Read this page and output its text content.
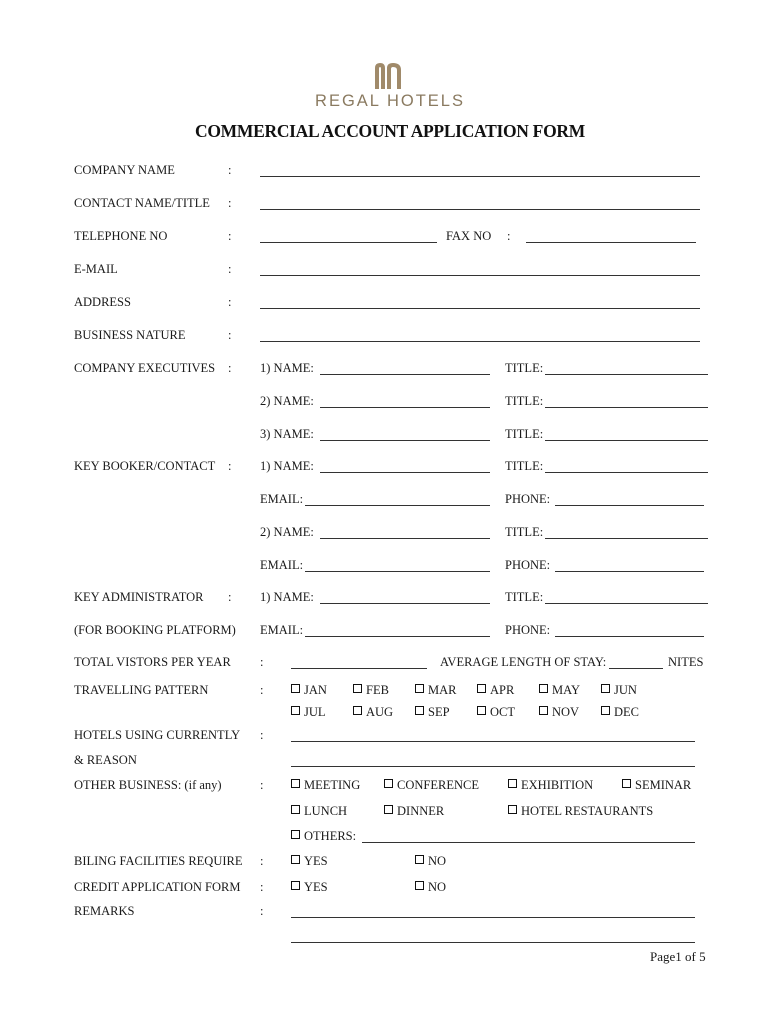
REGAL HOTELS
COMMERCIAL ACCOUNT APPLICATION FORM
COMPANY NAME	:
CONTACT NAME/TITLE :
TELEPHONE NO	:	FAX NO :
E-MAIL	:
ADDRESS	:
BUSINESS NATURE	:
COMPANY EXECUTIVES : 1) NAME:	TITLE:
2) NAME:	TITLE:
3) NAME:	TITLE:
KEY BOOKER/CONTACT : 1) NAME:	TITLE:
EMAIL:	PHONE:
2) NAME:	TITLE:
EMAIL:	PHONE:
KEY ADMINISTRATOR : 1) NAME:	TITLE:
(FOR BOOKING PLATFORM) EMAIL:	PHONE:
TOTAL VISTORS PER YEAR :	AVERAGE LENGTH OF STAY:	NITES
TRAVELLING PATTERN	:	JAN	FEB	MAR	APR	MAY	JUN
JUL	AUG	SEP	OCT	NOV	DEC
HOTELS USING CURRENTLY :
& REASON
OTHER BUSINESS: (if any)	:	MEETING	CONFERENCE	EXHIBITION	SEMINAR
LUNCH	DINNER	HOTEL RESTAURANTS
OTHERS:
BILING FACILITIES REQUIRE :	YES	NO
CREDIT APPLICATION FORM :	YES	NO
REMARKS	:
Page1 of 5
